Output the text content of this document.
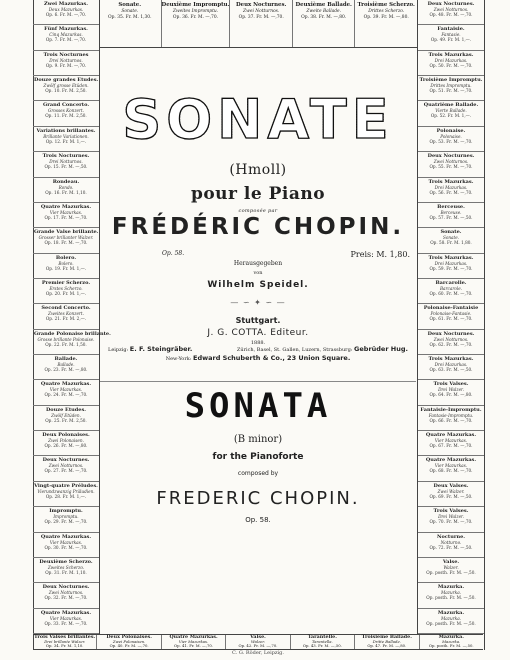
Sonate.
Sonate.
Op. 35. Fr. M. 1,30.
Deuxième Impromptu.
Zweites Impromptu.
Op. 36. Fr. M. —,70.
Deux Nocturnes.
Zwei Notturnos.
Op. 37. Fr. M. —,70.
Deuxième Ballade.
Zweite Ballade.
Op. 38. Fr. M. —,80.
Troisième Scherzo.
Drittes Scherzo.
Op. 39. Fr. M. —,80.
Zwei Mazurkas.
Deux Mazurkas.
Op. 6. Fr. M. —,70.
Fünf Mazurkas.
Cinq Mazurkas.
Op. 7. Fr. M. —,70.
Trois Nocturnes
Drei Notturnos.
Op. 9. Fr. M. —,70.
Douze grandes Etudes.
Zwölf grosse Etüden.
Op. 10. Fr. M. 2,50.
Grand Concerto.
Grosses Konzert.
Op. 11. Fr. M. 2,50.
Variations brillantes.
Brillante Variationen.
Op. 12. Fr. M. 1,—.
Trois Nocturnes.
Drei Notturnos.
Op. 15. Fr. M. —,50.
Rondeau.
Rondo.
Op. 16. Fr. M. 1,10.
Quatre Mazurkas.
Vier Mazurkas.
Op. 17. Fr. M. —,70.
Grande Valse brillante.
Grosser brillanter Walzer.
Op. 18. Fr. M. —,70.
Bolero.
Bolero.
Op. 19. Fr. M. 1,—.
Premier Scherzo.
Erstes Scherzo.
Op. 20. Fr. M. 1,—.
Second Concerto.
Zweites Konzert.
Op. 21. Fr. M. 2,—.
Grande Polonaise brillante.
Grosse brillante Polonaise.
Op. 22. Fr. M. 1,50.
Ballade.
Ballade.
Op. 23. Fr. M. —,80.
Quatre Mazurkas.
Vier Mazurkas.
Op. 24. Fr. M. —,70.
Douze Etudes.
Zwölf Etüden.
Op. 25. Fr. M. 2,50.
Deux Polonaises.
Zwei Polonaisen.
Op. 26. Fr. M. —,80.
Deux Nocturnes.
Zwei Notturnos.
Op. 27. Fr. M. —,70.
Vingt-quatre Préludes.
Vierundzwanzig Präludien.
Op. 28. Fr. M. 1,—.
Impromptu.
Impromptu.
Op. 29. Fr. M. —,70.
Quatre Mazurkas.
Vier Mazurkas.
Op. 30. Fr. M. —,70.
Deuxième Scherzo.
Zweites Scherzo.
Op. 31. Fr. M. 1,10.
Deux Nocturnes.
Zwei Notturnos.
Op. 32. Fr. M. —,70.
Quatre Mazurkas.
Vier Mazurkas.
Op. 33. Fr. M. —,70.
Deux Nocturnes.
Zwei Notturnos.
Op. 48. Fr. M. —,70.
Fantaisie.
Fantasie.
Op. 49. Fr. M. 1,—.
Trois Mazurkas.
Drei Mazurkas.
Op. 50. Fr. M. —,70.
Troisième Impromptu.
Drittes Impromptu.
Op. 51. Fr. M. —,70.
Quatrième Ballade.
Vierte Ballade.
Op. 52. Fr. M. 1,—.
Polonaise.
Polonaise.
Op. 53. Fr. M. —,70.
Deux Nocturnes.
Zwei Notturnos.
Op. 55. Fr. M. —,70.
Trois Mazurkas.
Drei Mazurkas.
Op. 56. Fr. M. —,70.
Berceuse.
Berceuse.
Op. 57. Fr. M. —,50.
Sonate.
Sonate.
Op. 58. Fr. M. 1,80.
Trois Mazurkas.
Drei Mazurkas.
Op. 59. Fr. M. —,70.
Barcarolle.
Barcarole.
Op. 60. Fr. M. —,70.
Polonaise-Fantaisie
Polonaise-Fantasie.
Op. 61. Fr. M. —,70.
Deux Nocturnes.
Zwei Notturnos.
Op. 62. Fr. M. —,70.
Trois Mazurkas.
Drei Mazurkas.
Op. 63. Fr. M. —,50.
Trois Valses.
Drei Walzer.
Op. 64. Fr. M. —,80.
Fantaisie-Impromptu.
Fantasie-Impromptu.
Op. 66. Fr. M. —,70.
Quatre Mazurkas.
Vier Mazurkas.
Op. 67. Fr. M. —,70.
Quatre Mazurkas.
Vier Mazurkas.
Op. 68. Fr. M. —,70.
Deux Valses.
Zwei Walzer.
Op. 69. Fr. M. —,50.
Trois Valses.
Drei Walzer.
Op. 70. Fr. M. —,70.
Nocturne.
Notturno.
Op. 72. Fr. M. —,50.
Valse.
Walzer.
Op. posth. Fr. M. —,50.
Mazurka.
Mazurka.
Op. posth. Fr. M. —,50.
Mazurka.
Mazurka.
Op. posth. Fr. M. —,50.
Trois Valses brillantes.
Drei brillante Walzer.
Op. 34. Fr. M. 1,10.
Deux Polonaises.
Zwei Polonaisen.
Op. 40. Fr. M. —,70.
Quatre Mazurkas.
Vier Mazurkas.
Op. 41. Fr. M. —,70.
Valse.
Walzer.
Op. 42. Fr. M. —,70.
Tarantelle.
Tarantella.
Op. 43. Fr. M. —,50.
Troisième Ballade.
Dritte Ballade.
Op. 47. Fr. M. —,80.
Mazurka.
Mazurka.
Op. posth. Fr. M. —,50.
SONATE
(Hmoll)
pour le Piano
composée par
FRÉDÉRIC CHOPIN.
Op. 58.	Preis: M. 1,80.
Herausgegeben
von
Wilhelm Speidel.
— ∽ ✦ ∽ —
Stuttgart.
J. G. COTTA. Editeur.
1888.
Leipzig: E. F. Steingräber.	Zürich, Basel, St. Gallen, Luzern, Strassburg: Gebrüder Hug.
New-York: Edward Schuberth & Co., 23 Union Square.
SONATA
(B minor)
for the Pianoforte
composed by
FREDERIC CHOPIN.
Op. 58.
C. G. Röder, Leipzig.
